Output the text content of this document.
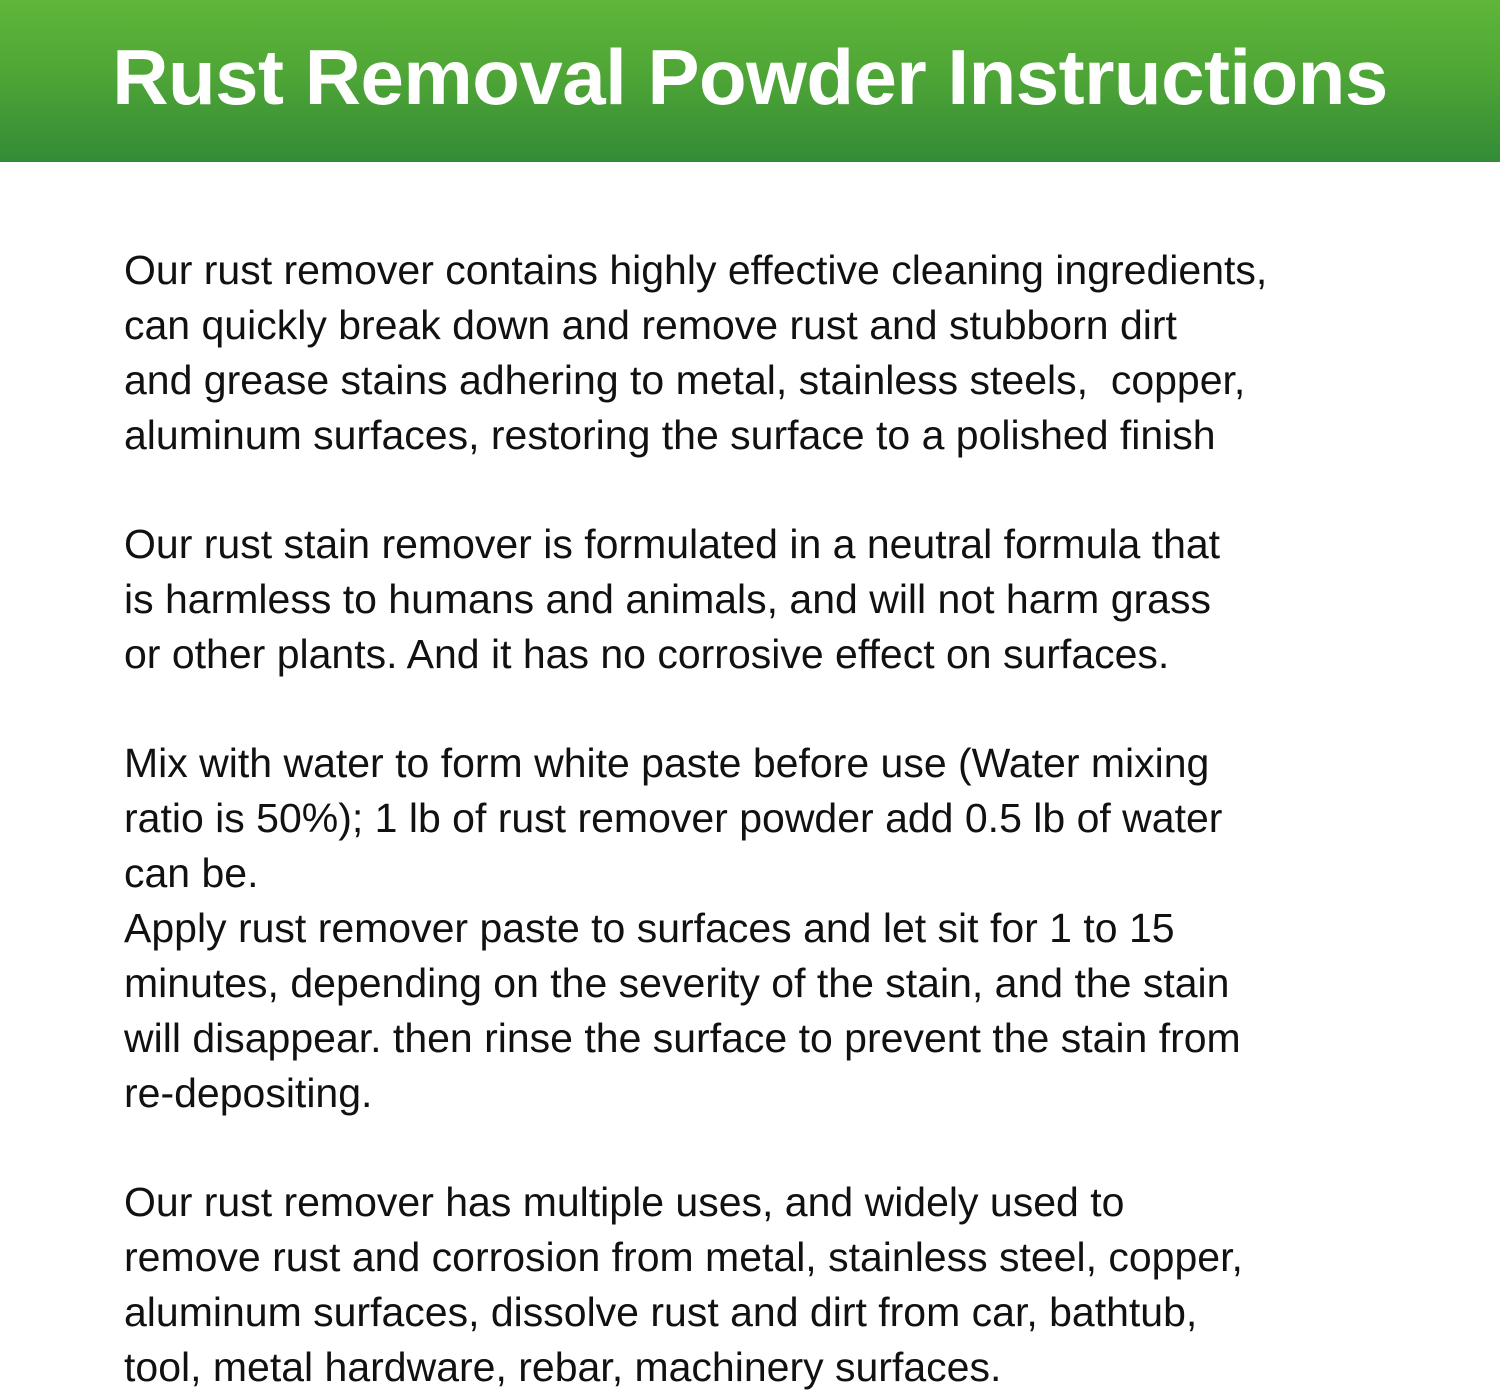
Rust Removal Powder Instructions
Our rust remover contains highly effective cleaning ingredients,
can quickly break down and remove rust and stubborn dirt
and grease stains adhering to metal, stainless steels,  copper,
aluminum surfaces, restoring the surface to a polished finish
Our rust stain remover is formulated in a neutral formula that
is harmless to humans and animals, and will not harm grass
or other plants. And it has no corrosive effect on surfaces.
Mix with water to form white paste before use (Water mixing
ratio is 50%); 1 lb of rust remover powder add 0.5 lb of water
can be.
Apply rust remover paste to surfaces and let sit for 1 to 15
minutes, depending on the severity of the stain, and the stain
will disappear. then rinse the surface to prevent the stain from
re-depositing.
Our rust remover has multiple uses, and widely used to
remove rust and corrosion from metal, stainless steel, copper,
aluminum surfaces, dissolve rust and dirt from car, bathtub,
tool, metal hardware, rebar, machinery surfaces.
